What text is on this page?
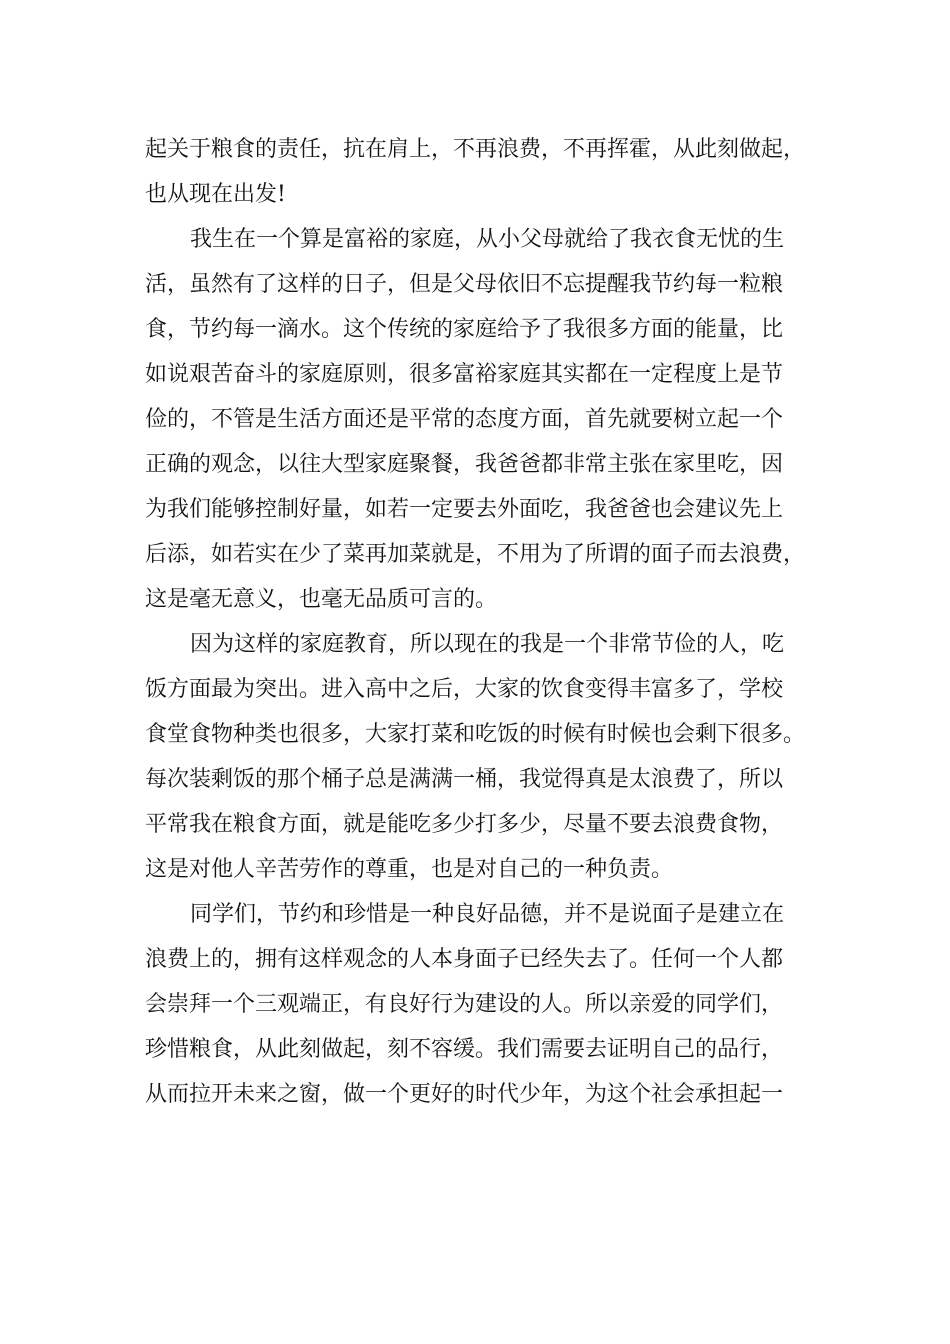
起关于粮食的责任，抗在肩上，不再浪费，不再挥霍，从此刻做起，
也从现在出发!
我生在一个算是富裕的家庭，从小父母就给了我衣食无忧的生
活，虽然有了这样的日子，但是父母依旧不忘提醒我节约每一粒粮
食，节约每一滴水。这个传统的家庭给予了我很多方面的能量，比
如说艰苦奋斗的家庭原则，很多富裕家庭其实都在一定程度上是节
俭的，不管是生活方面还是平常的态度方面，首先就要树立起一个
正确的观念，以往大型家庭聚餐，我爸爸都非常主张在家里吃，因
为我们能够控制好量，如若一定要去外面吃，我爸爸也会建议先上
后添，如若实在少了菜再加菜就是，不用为了所谓的面子而去浪费，
这是毫无意义，也毫无品质可言的。
因为这样的家庭教育，所以现在的我是一个非常节俭的人，吃
饭方面最为突出。进入高中之后，大家的饮食变得丰富多了，学校
食堂食物种类也很多，大家打菜和吃饭的时候有时候也会剩下很多。
每次装剩饭的那个桶子总是满满一桶，我觉得真是太浪费了，所以
平常我在粮食方面，就是能吃多少打多少，尽量不要去浪费食物，
这是对他人辛苦劳作的尊重，也是对自己的一种负责。
同学们，节约和珍惜是一种良好品德，并不是说面子是建立在
浪费上的，拥有这样观念的人本身面子已经失去了。任何一个人都
会崇拜一个三观端正，有良好行为建设的人。所以亲爱的同学们，
珍惜粮食，从此刻做起，刻不容缓。我们需要去证明自己的品行，
从而拉开未来之窗，做一个更好的时代少年，为这个社会承担起一
